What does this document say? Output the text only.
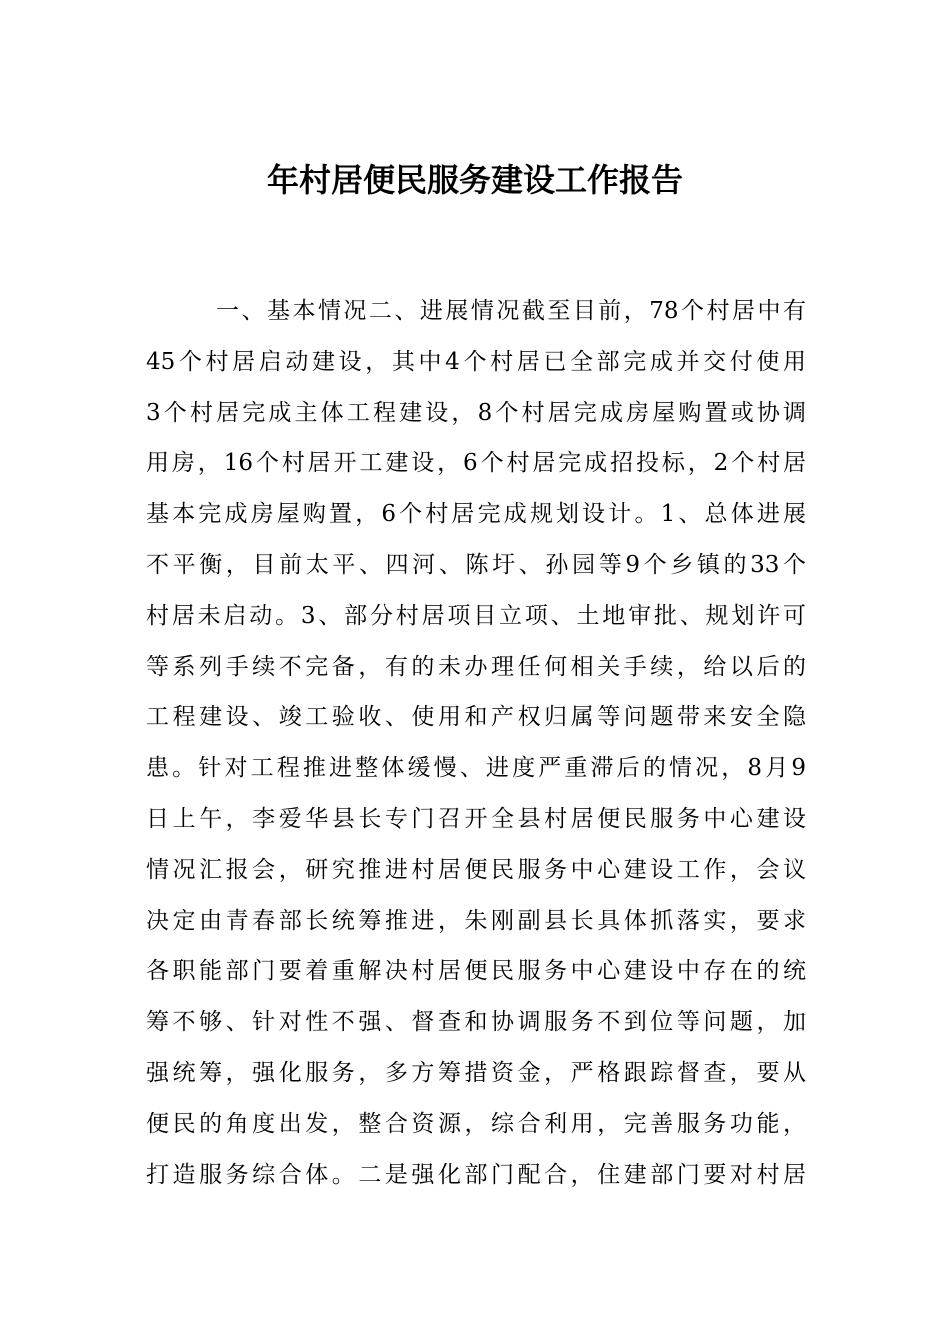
年村居便民服务建设工作报告
一、基本情况二、进展情况截至目前，78个村居中有
45个村居启动建设，其中4个村居已全部完成并交付使用
3个村居完成主体工程建设，8个村居完成房屋购置或协调
用房，16个村居开工建设，6个村居完成招投标，2个村居
基本完成房屋购置，6个村居完成规划设计。1、总体进展
不平衡，目前太平、四河、陈圩、孙园等9个乡镇的33个
村居未启动。3、部分村居项目立项、土地审批、规划许可
等系列手续不完备，有的未办理任何相关手续，给以后的
工程建设、竣工验收、使用和产权归属等问题带来安全隐
患。针对工程推进整体缓慢、进度严重滞后的情况，8月9
日上午，李爱华县长专门召开全县村居便民服务中心建设
情况汇报会，研究推进村居便民服务中心建设工作，会议
决定由青春部长统筹推进，朱刚副县长具体抓落实，要求
各职能部门要着重解决村居便民服务中心建设中存在的统
筹不够、针对性不强、督查和协调服务不到位等问题，加
强统筹，强化服务，多方筹措资金，严格跟踪督查，要从
便民的角度出发，整合资源，综合利用，完善服务功能，
打造服务综合体。二是强化部门配合，住建部门要对村居
